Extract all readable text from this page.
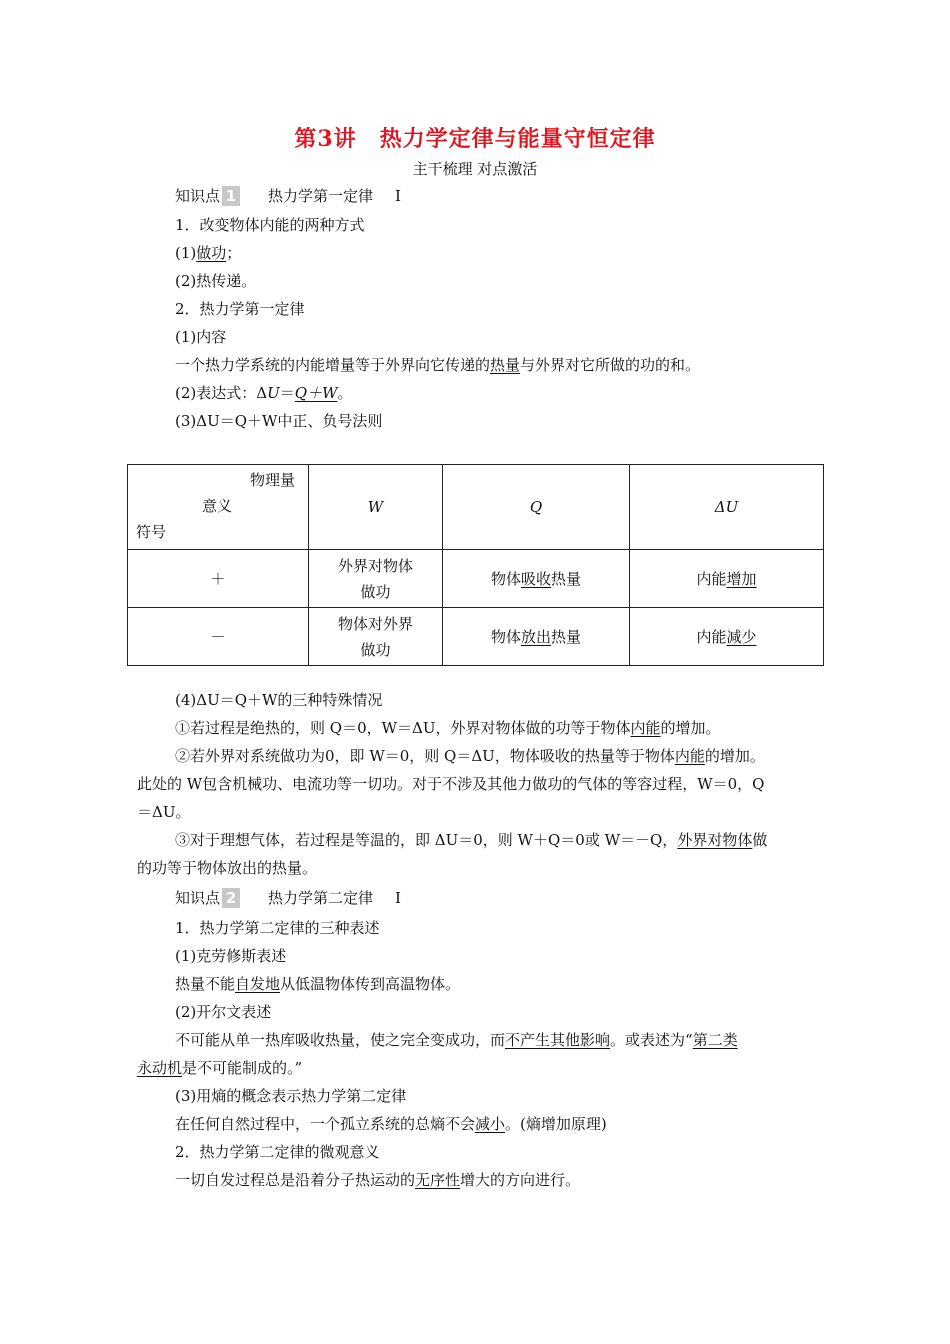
第3讲　热力学定律与能量守恒定律
主干梳理 对点激活
知识点 1 热力学第一定律 Ⅰ
1．改变物体内能的两种方式
(1)做功；
(2)热传递。
2．热力学第一定律
(1)内容
一个热力学系统的内能增量等于外界向它传递的热量与外界对它所做的功的和。
(2)表达式：ΔU＝Q＋W。
(3)ΔU＝Q＋W中正、负号法则
物理量
意义
符号	W	Q	ΔU
＋	外界对物体
做功	物体吸收热量	内能增加
－	物体对外界
做功	物体放出热量	内能减少
(4)ΔU＝Q＋W的三种特殊情况
①若过程是绝热的，则 Q＝0，W＝ΔU，外界对物体做的功等于物体内能的增加。
②若外界对系统做功为0，即 W＝0，则 Q＝ΔU，物体吸收的热量等于物体内能的增加。
此处的 W包含机械功、电流功等一切功。对于不涉及其他力做功的气体的等容过程，W＝0，Q
＝ΔU。
③对于理想气体，若过程是等温的，即 ΔU＝0，则 W＋Q＝0或 W＝－Q，外界对物体做
的功等于物体放出的热量。
知识点 2 热力学第二定律 Ⅰ
1．热力学第二定律的三种表述
(1)克劳修斯表述
热量不能自发地从低温物体传到高温物体。
(2)开尔文表述
不可能从单一热库吸收热量，使之完全变成功，而不产生其他影响。或表述为“第二类
永动机是不可能制成的。”
(3)用熵的概念表示热力学第二定律
在任何自然过程中，一个孤立系统的总熵不会减小。(熵增加原理)
2．热力学第二定律的微观意义
一切自发过程总是沿着分子热运动的无序性增大的方向进行。
